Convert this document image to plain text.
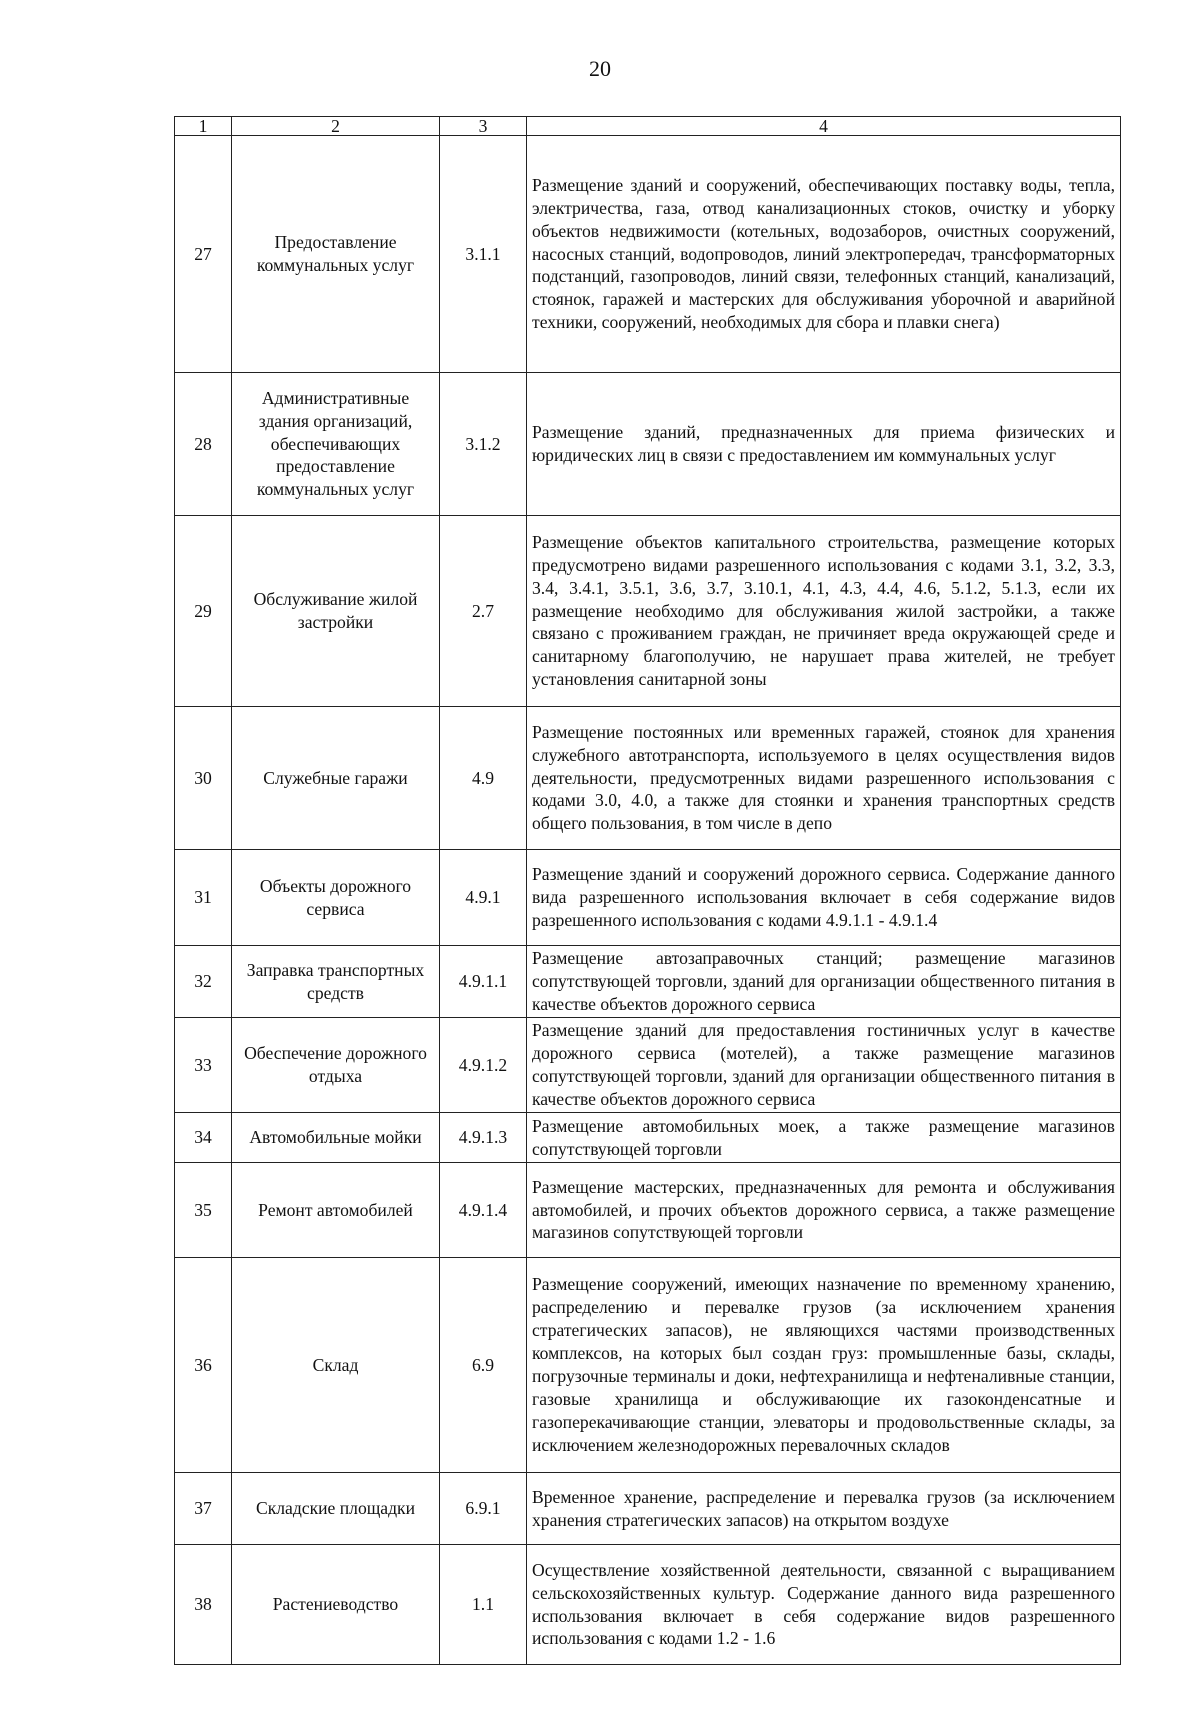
20
1	2	3	4
27	Предоставление коммунальных услуг	3.1.1	Размещение зданий и сооружений, обеспечивающих поставку воды, тепла, электричества, газа, отвод канализационных стоков, очистку и уборку объектов недвижимости (котельных, водозаборов, очистных сооружений, насосных станций, водопроводов, линий электропередач, трансформаторных подстанций, газопроводов, линий связи, телефонных станций, канализаций, стоянок, гаражей и мастерских для обслуживания уборочной и аварийной техники, сооружений, необходимых для сбора и плавки снега)
28	Административные здания организаций, обеспечивающих предоставление коммунальных услуг	3.1.2	Размещение зданий, предназначенных для приема физических и юридических лиц в связи с предоставлением им коммунальных услуг
29	Обслуживание жилой застройки	2.7	Размещение объектов капитального строительства, размещение которых предусмотрено видами разрешенного использования с кодами 3.1, 3.2, 3.3, 3.4, 3.4.1, 3.5.1, 3.6, 3.7, 3.10.1, 4.1, 4.3, 4.4, 4.6, 5.1.2, 5.1.3, если их размещение необходимо для обслуживания жилой застройки, а также связано с проживанием граждан, не причиняет вреда окружающей среде и санитарному благополучию, не нарушает права жителей, не требует установления санитарной зоны
30	Служебные гаражи	4.9	Размещение постоянных или временных гаражей, стоянок для хранения служебного автотранспорта, используемого в целях осуществления видов деятельности, предусмотренных видами разрешенного использования с кодами 3.0, 4.0, а также для стоянки и хранения транспортных средств общего пользования, в том числе в депо
31	Объекты дорожного сервиса	4.9.1	Размещение зданий и сооружений дорожного сервиса. Содержание данного вида разрешенного использования включает в себя содержание видов разрешенного использования с кодами 4.9.1.1 - 4.9.1.4
32	Заправка транспортных средств	4.9.1.1	Размещение автозаправочных станций; размещение магазинов сопутствующей торговли, зданий для организации общественного питания в качестве объектов дорожного сервиса
33	Обеспечение дорожного отдыха	4.9.1.2	Размещение зданий для предоставления гостиничных услуг в качестве дорожного сервиса (мотелей), а также размещение магазинов сопутствующей торговли, зданий для организации общественного питания в качестве объектов дорожного сервиса
34	Автомобильные мойки	4.9.1.3	Размещение автомобильных моек, а также размещение магазинов сопутствующей торговли
35	Ремонт автомобилей	4.9.1.4	Размещение мастерских, предназначенных для ремонта и обслуживания автомобилей, и прочих объектов дорожного сервиса, а также размещение магазинов сопутствующей торговли
36	Склад	6.9	Размещение сооружений, имеющих назначение по временному хранению, распределению и перевалке грузов (за исключением хранения стратегических запасов), не являющихся частями производственных комплексов, на которых был создан груз: промышленные базы, склады, погрузочные терминалы и доки, нефтехранилища и нефтеналивные станции, газовые хранилища и обслуживающие их газоконденсатные и газоперекачивающие станции, элеваторы и продовольственные склады, за исключением железнодорожных перевалочных складов
37	Складские площадки	6.9.1	Временное хранение, распределение и перевалка грузов (за исключением хранения стратегических запасов) на открытом воздухе
38	Растениеводство	1.1	Осуществление хозяйственной деятельности, связанной с выращиванием сельскохозяйственных культур. Содержание данного вида разрешенного использования включает в себя содержание видов разрешенного использования с кодами 1.2 - 1.6
